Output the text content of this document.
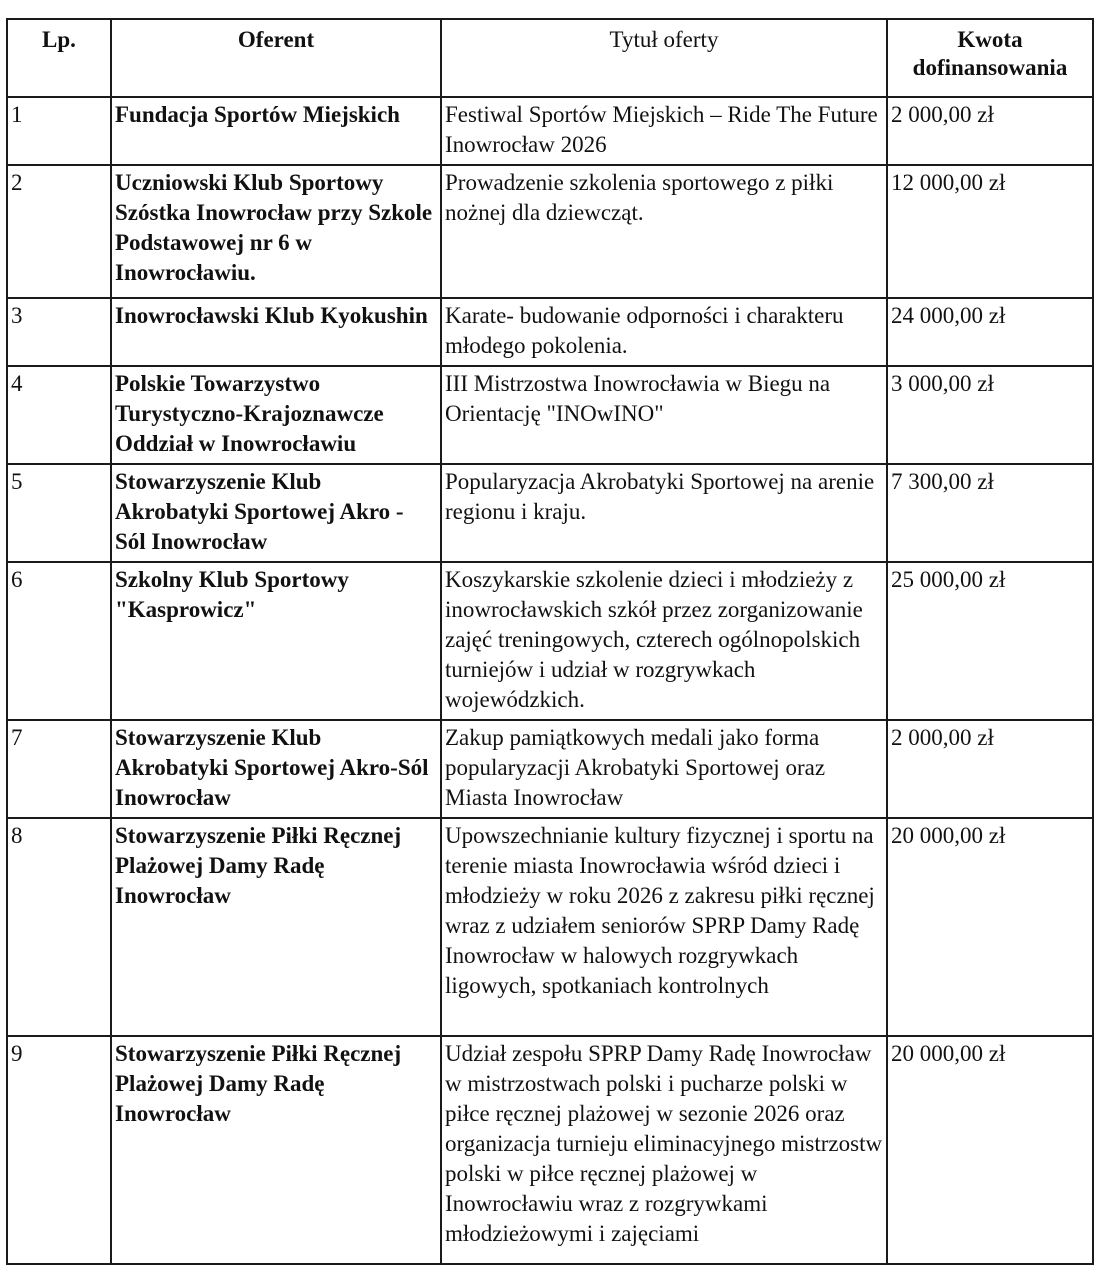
Lp.	Oferent	Tytuł oferty	Kwota
dofinansowania
1	Fundacja Sportów Miejskich	Festiwal Sportów Miejskich – Ride The Future Inowrocław 2026	2 000,00 zł
2	Uczniowski Klub Sportowy Szóstka Inowrocław przy Szkole Podstawowej nr 6 w Inowrocławiu.	Prowadzenie szkolenia sportowego z piłki nożnej dla dziewcząt.	12 000,00 zł
3	Inowrocławski Klub Kyokushin	Karate- budowanie odporności i charakteru młodego pokolenia.	24 000,00 zł
4	Polskie Towarzystwo Turystyczno-Krajoznawcze Oddział w Inowrocławiu	III Mistrzostwa Inowrocławia w Biegu na Orientację "INOwINO"	3 000,00 zł
5	Stowarzyszenie Klub Akrobatyki Sportowej Akro - Sól Inowrocław	Popularyzacja Akrobatyki Sportowej na arenie regionu i kraju.	7 300,00 zł
6	Szkolny Klub Sportowy "Kasprowicz"	Koszykarskie szkolenie dzieci i młodzieży z inowrocławskich szkół przez zorganizowanie zajęć treningowych, czterech ogólnopolskich turniejów i udział w rozgrywkach wojewódzkich.	25 000,00 zł
7	Stowarzyszenie Klub Akrobatyki Sportowej Akro-Sól Inowrocław	Zakup pamiątkowych medali jako forma popularyzacji Akrobatyki Sportowej oraz Miasta Inowrocław	2 000,00 zł
8	Stowarzyszenie Piłki Ręcznej Plażowej Damy Radę Inowrocław	Upowszechnianie kultury fizycznej i sportu na terenie miasta Inowrocławia wśród dzieci i młodzieży w roku 2026 z zakresu piłki ręcznej wraz z udziałem seniorów SPRP Damy Radę Inowrocław w halowych rozgrywkach ligowych, spotkaniach kontrolnych	20 000,00 zł
9	Stowarzyszenie Piłki Ręcznej Plażowej Damy Radę Inowrocław	Udział zespołu SPRP Damy Radę Inowrocław w mistrzostwach polski i pucharze polski w piłce ręcznej plażowej w sezonie 2026 oraz organizacja turnieju eliminacyjnego mistrzostw polski w piłce ręcznej plażowej w Inowrocławiu wraz z rozgrywkami młodzieżowymi i zajęciami	20 000,00 zł
